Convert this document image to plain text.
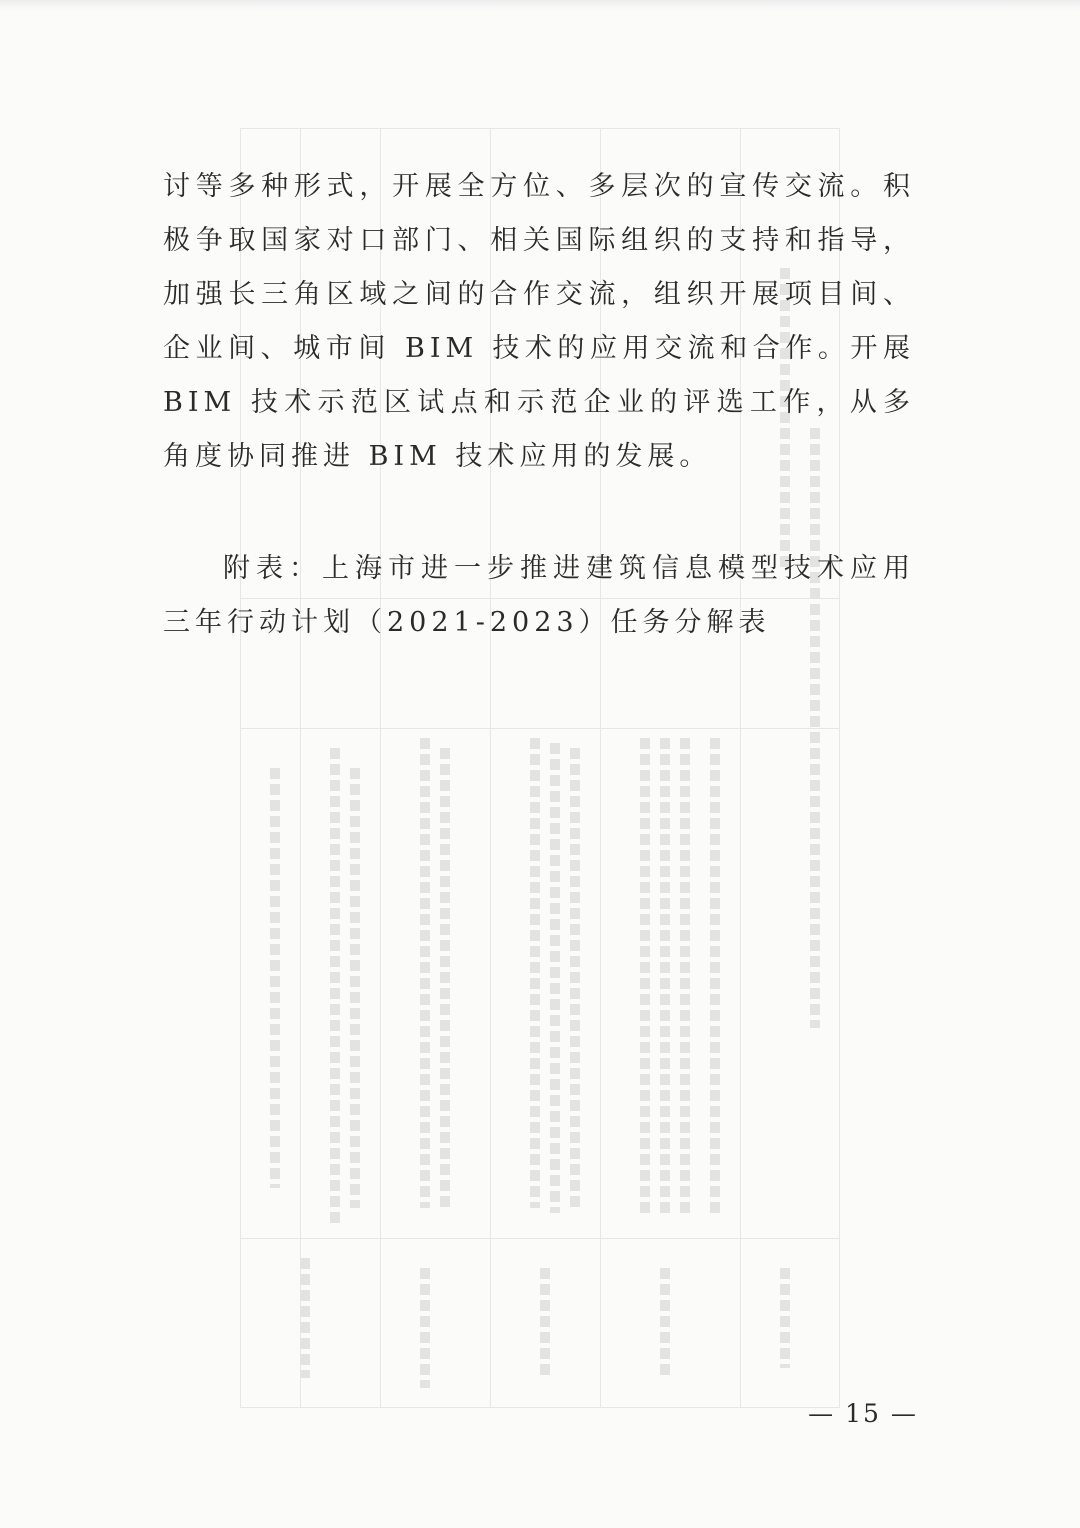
讨等多种形式，开展全方位、多层次的宣传交流。积极争取国家对口部门、相关国际组织的支持和指导，加强长三角区域之间的合作交流，组织开展项目间、企业间、城市间 BIM 技术的应用交流和合作。开展 BIM 技术示范区试点和示范企业的评选工作，从多角度协同推进 BIM 技术应用的发展。

附表：上海市进一步推进建筑信息模型技术应用三年行动计划（2021-2023）任务分解表

— 15 —
